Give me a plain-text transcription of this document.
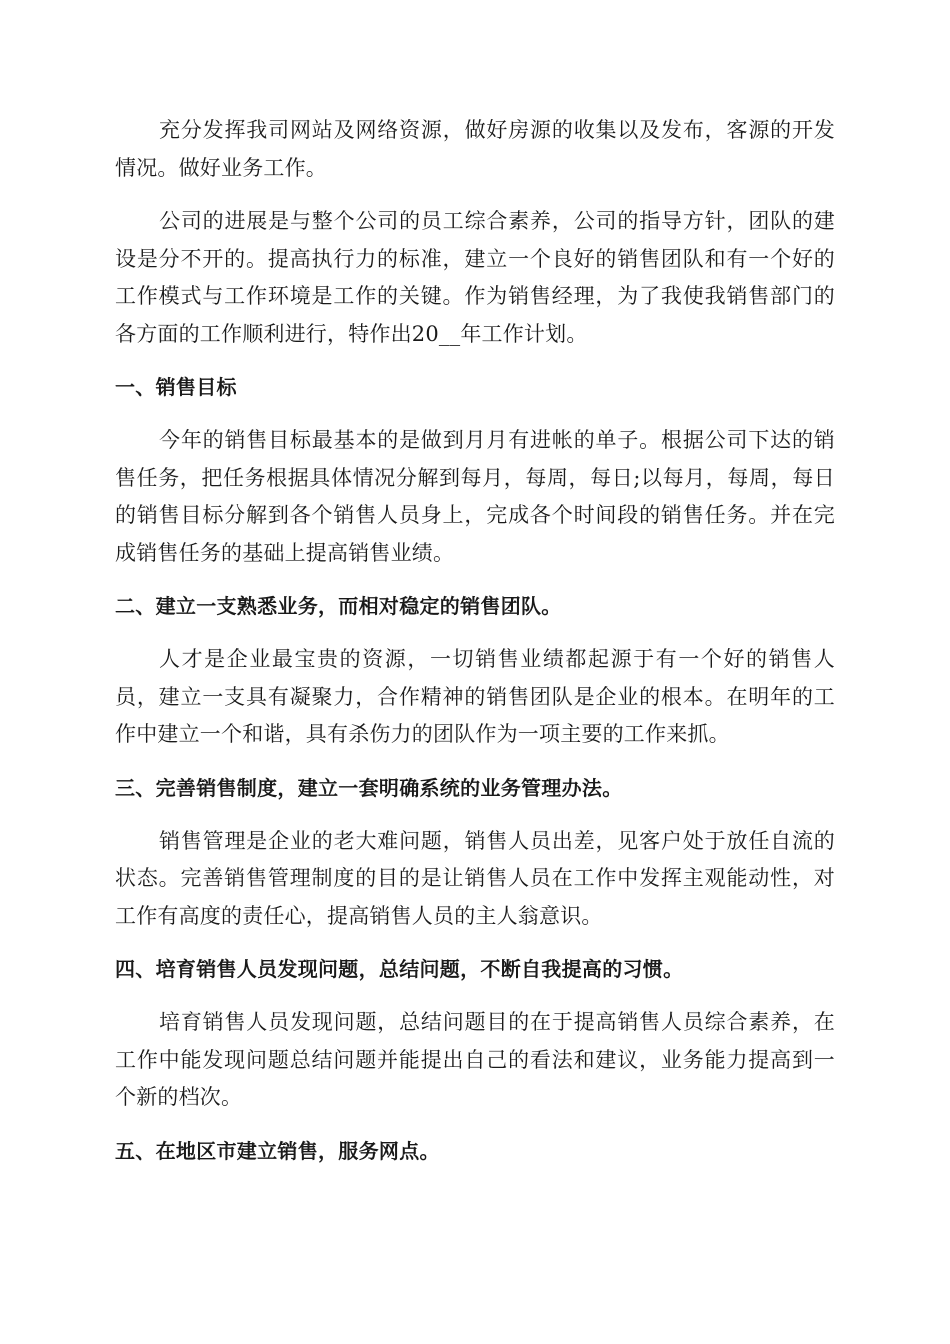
充分发挥我司网站及网络资源，做好房源的收集以及发布，客源的开发情况。做好业务工作。

公司的进展是与整个公司的员工综合素养，公司的指导方针，团队的建设是分不开的。提高执行力的标准，建立一个良好的销售团队和有一个好的工作模式与工作环境是工作的关键。作为销售经理，为了我使我销售部门的各方面的工作顺利进行，特作出20__年工作计划。

一、销售目标

今年的销售目标最基本的是做到月月有进帐的单子。根据公司下达的销售任务，把任务根据具体情况分解到每月，每周，每日;以每月，每周，每日的销售目标分解到各个销售人员身上，完成各个时间段的销售任务。并在完成销售任务的基础上提高销售业绩。

二、建立一支熟悉业务，而相对稳定的销售团队。

人才是企业最宝贵的资源，一切销售业绩都起源于有一个好的销售人员，建立一支具有凝聚力，合作精神的销售团队是企业的根本。在明年的工作中建立一个和谐，具有杀伤力的团队作为一项主要的工作来抓。

三、完善销售制度，建立一套明确系统的业务管理办法。

销售管理是企业的老大难问题，销售人员出差，见客户处于放任自流的状态。完善销售管理制度的目的是让销售人员在工作中发挥主观能动性，对工作有高度的责任心，提高销售人员的主人翁意识。

四、培育销售人员发现问题，总结问题，不断自我提高的习惯。

培育销售人员发现问题，总结问题目的在于提高销售人员综合素养，在工作中能发现问题总结问题并能提出自己的看法和建议，业务能力提高到一个新的档次。

五、在地区市建立销售，服务网点。
